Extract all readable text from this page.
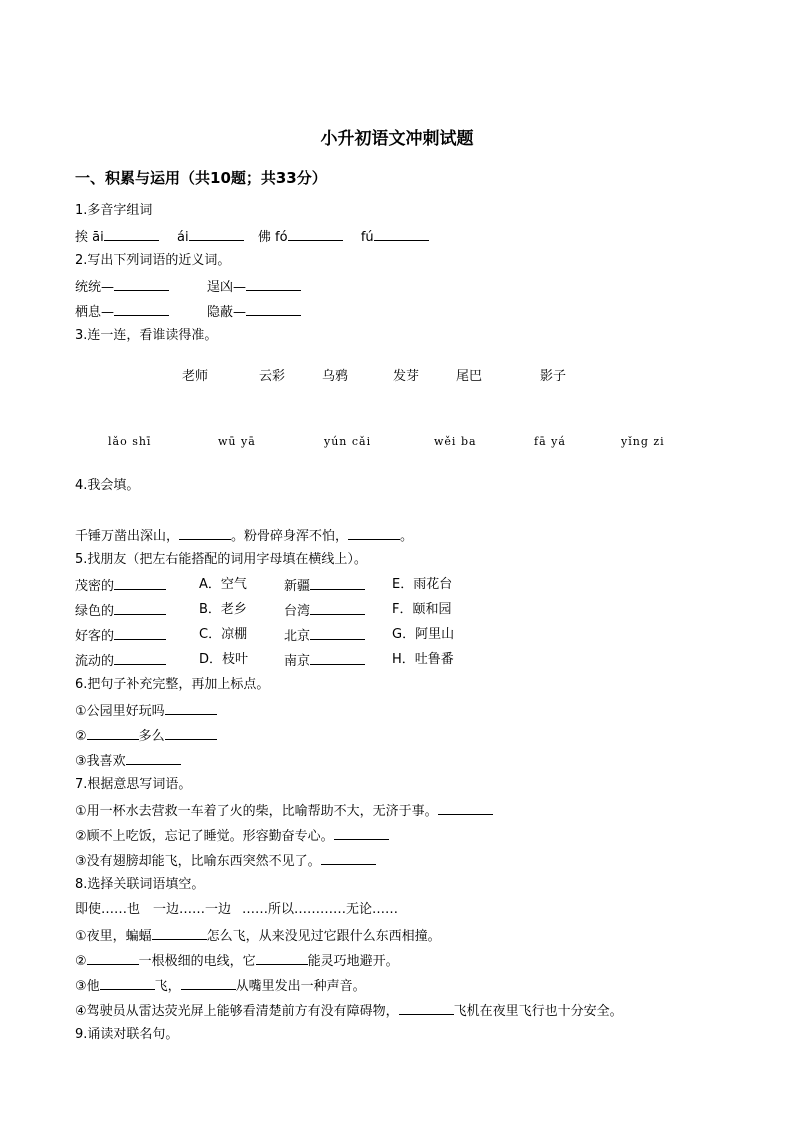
小升初语文冲刺试题
一、积累与运用（共10题；共33分）
1.多音字组词
挨 āi	ái	佛 fó	fú
2.写出下列词语的近义词。
统统—	逞凶—
栖息—	隐蔽—
3.连一连，看谁读得准。
老师	云彩	乌鸦	发芽	尾巴	影子
lǎo shī	wū yā	yún cǎi	wěi ba	fā yá	yǐng zi
4.我会填。
千锤万凿出深山，	。粉骨碎身浑不怕，	。
5.找朋友（把左右能搭配的词用字母填在横线上）。
茂密的	A．空气	新疆	E．雨花台
绿色的	B．老乡	台湾	F．颐和园
好客的	C．凉棚	北京	G．阿里山
流动的	D．枝叶	南京	H．吐鲁番
6.把句子补充完整，再加上标点。
①公园里好玩吗
②	多么
③我喜欢
7.根据意思写词语。
①用一杯水去营救一车着了火的柴，比喻帮助不大，无济于事。
②顾不上吃饭，忘记了睡觉。形容勤奋专心。
③没有翅膀却能飞，比喻东西突然不见了。
8.选择关联词语填空。
即使……也 一边……一边 ……所以…… ……无论……
①夜里，蝙蝠	怎么飞，从来没见过它跟什么东西相撞。
②	一根极细的电线，它	能灵巧地避开。
③他	飞，	从嘴里发出一种声音。
④驾驶员从雷达荧光屏上能够看清楚前方有没有障碍物，	飞机在夜里飞行也十分安全。
9.诵读对联名句。
